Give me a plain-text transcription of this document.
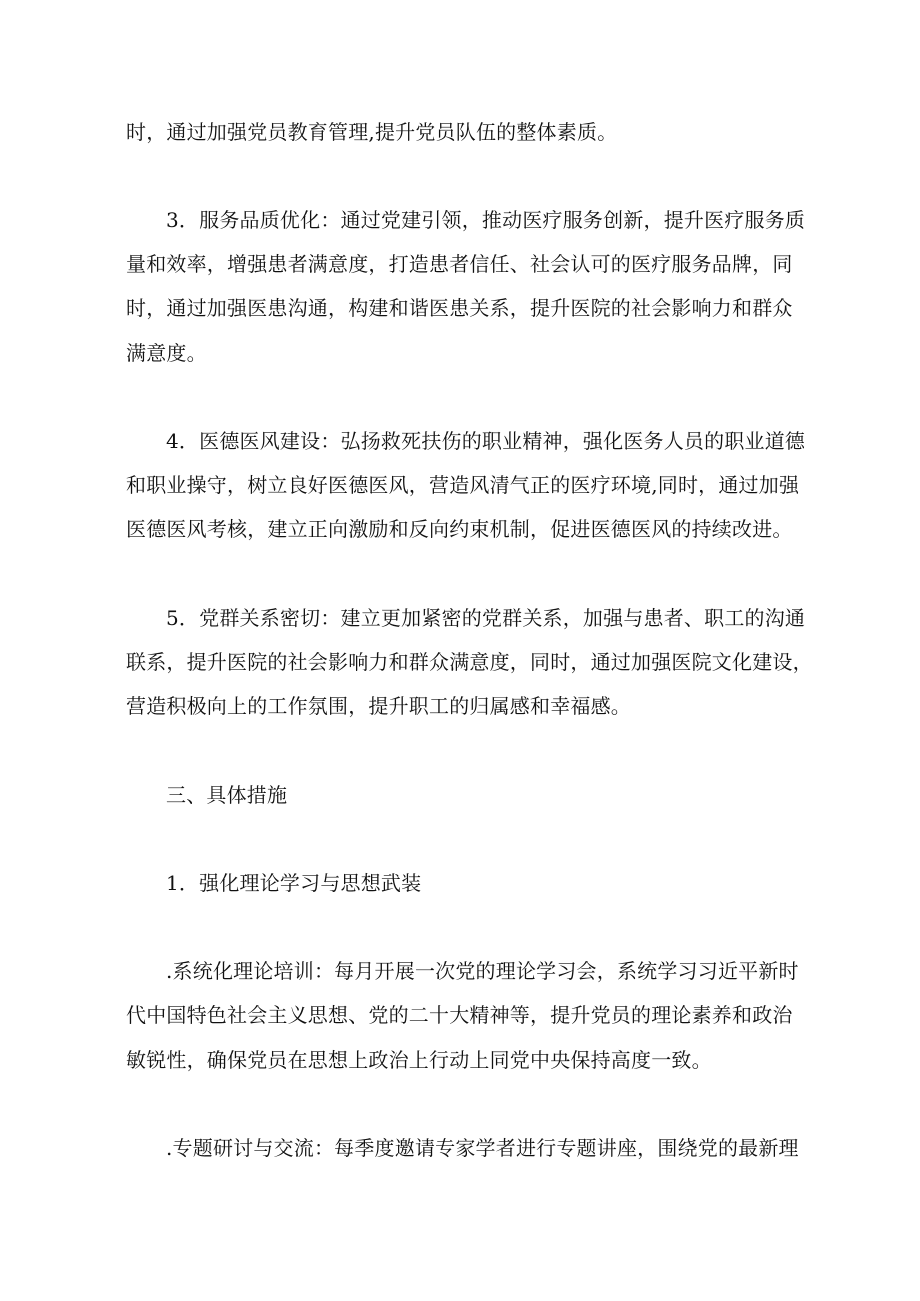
时，通过加强党员教育管理,提升党员队伍的整体素质。
3．服务品质优化：通过党建引领，推动医疗服务创新，提升医疗服务质
量和效率，增强患者满意度，打造患者信任、社会认可的医疗服务品牌，同
时，通过加强医患沟通，构建和谐医患关系，提升医院的社会影响力和群众
满意度。
4．医德医风建设：弘扬救死扶伤的职业精神，强化医务人员的职业道德
和职业操守，树立良好医德医风，营造风清气正的医疗环境,同时，通过加强
医德医风考核，建立正向激励和反向约束机制，促进医德医风的持续改进。
5．党群关系密切：建立更加紧密的党群关系，加强与患者、职工的沟通
联系，提升医院的社会影响力和群众满意度，同时，通过加强医院文化建设，
营造积极向上的工作氛围，提升职工的归属感和幸福感。
三、具体措施
1．强化理论学习与思想武装
.系统化理论培训：每月开展一次党的理论学习会，系统学习习近平新时
代中国特色社会主义思想、党的二十大精神等，提升党员的理论素养和政治
敏锐性，确保党员在思想上政治上行动上同党中央保持高度一致。
.专题研讨与交流：每季度邀请专家学者进行专题讲座，围绕党的最新理
